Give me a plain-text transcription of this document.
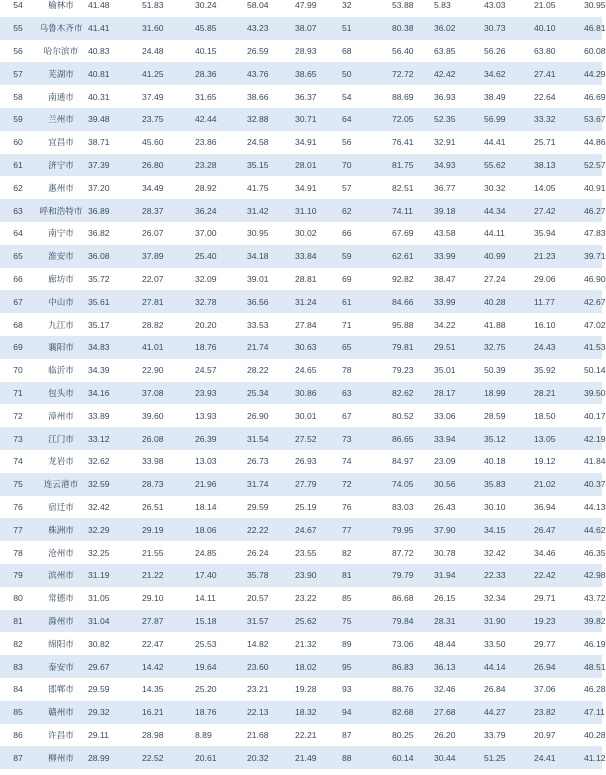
54	榆林市	41.48	51.83	30.24	58.04	47.99	32	53.88	5.83	43.03	21.05	30.95	
55	乌鲁木齐市	41.41	31.60	45.85	43.23	38.07	51	80.38	36.02	30.73	40.10	46.81	
56	哈尔滨市	40.83	24.48	40.15	26.59	28.93	68	56.40	63.85	56.26	63.80	60.08	
57	芜湖市	40.81	41.25	28.36	43.76	38.65	50	72.72	42.42	34.62	27.41	44.29	
58	南通市	40.31	37.49	31.65	38.66	36.37	54	88.69	36.93	38.49	22.64	46.69	
59	兰州市	39.48	23.75	42.44	32.88	30.71	64	72.05	52.35	56.99	33.32	53.67	
60	宜昌市	38.71	45.60	23.86	24.58	34.91	56	76.41	32.91	44.41	25.71	44.86	
61	济宁市	37.39	26.80	23.28	35.15	28.01	70	81.75	34.93	55.62	38.13	52.57	
62	惠州市	37.20	34.49	28.92	41.75	34.91	57	82.51	36.77	30.32	14.05	40.91	
63	呼和浩特市	36.89	28.37	36.24	31.42	31.10	62	74.11	39.18	44.34	27.42	46.27	
64	南宁市	36.82	26.07	37.00	30.95	30.02	66	67.69	43.58	44.11	35.94	47.83	
65	淮安市	36.08	37.89	25.40	34.18	33.84	59	62.61	33.99	40.99	21.23	39.71	
66	廊坊市	35.72	22.07	32.09	39.01	28.81	69	92.82	38.47	27.24	29.06	46.90	
67	中山市	35.61	27.81	32.78	36.56	31.24	61	84.66	33.99	40.28	11.77	42.67	
68	九江市	35.17	28.82	20.20	33.53	27.84	71	95.88	34.22	41.88	16.10	47.02	
69	襄阳市	34.83	41.01	18.76	21.74	30.63	65	79.81	29.51	32.75	24.43	41.53	
70	临沂市	34.39	22.90	24.57	28.22	24.65	78	79.23	35.01	50.39	35.92	50.14	
71	包头市	34.16	37.08	23.93	25.34	30.86	63	82.62	28.17	18.99	28.21	39.50	
72	漳州市	33.89	39.60	13.93	26.90	30.01	67	80.52	33.06	28.59	18.50	40.17	
73	江门市	33.12	26.08	26.39	31.54	27.52	73	86.65	33.94	35.12	13.05	42.19	
74	龙岩市	32.62	33.98	13.03	26.73	26.93	74	84.97	23.09	40.18	19.12	41.84	
75	连云港市	32.59	28.73	21.96	31.74	27.79	72	74.05	30.56	35.83	21.02	40.37	
76	宿迁市	32.42	26.51	18.14	29.59	25.19	76	83.03	26.43	30.10	36.94	44.13	
77	株洲市	32.29	29.19	18.06	22.22	24.67	77	79.95	37.90	34.15	26.47	44.62	
78	沧州市	32.25	21.55	24.85	26.24	23.55	82	87.72	30.78	32.42	34.46	46.35	
79	滨州市	31.19	21.22	17.40	35.78	23.90	81	79.79	31.94	22.33	22.42	42.98	
80	常德市	31.05	29.10	14.11	20.57	23.22	85	86.68	26.15	32.34	29.71	43.72	
81	滁州市	31.04	27.87	15.18	31.57	25.62	75	79.84	28.31	31.90	19.23	39.82	
82	绵阳市	30.82	22.47	25.53	14.82	21.32	89	73.06	48.44	33.50	29.77	46.19	
83	泰安市	29.67	14.42	19.64	23.60	18.02	95	86.83	36.13	44.14	26.94	48.51	
84	邯郸市	29.59	14.35	25.20	23.21	19.28	93	88.76	32.46	26.84	37.06	46.28	
85	赣州市	29.32	16.21	18.76	22.13	18.32	94	82.68	27.68	44.27	23.82	47.11	
86	许昌市	29.11	28.98	8.89	21.68	22.21	87	80.25	26.20	33.79	20.97	40.28	
87	柳州市	28.99	22.52	20.61	20.32	21.49	88	60.14	30.44	51.25	24.41	41.12	
